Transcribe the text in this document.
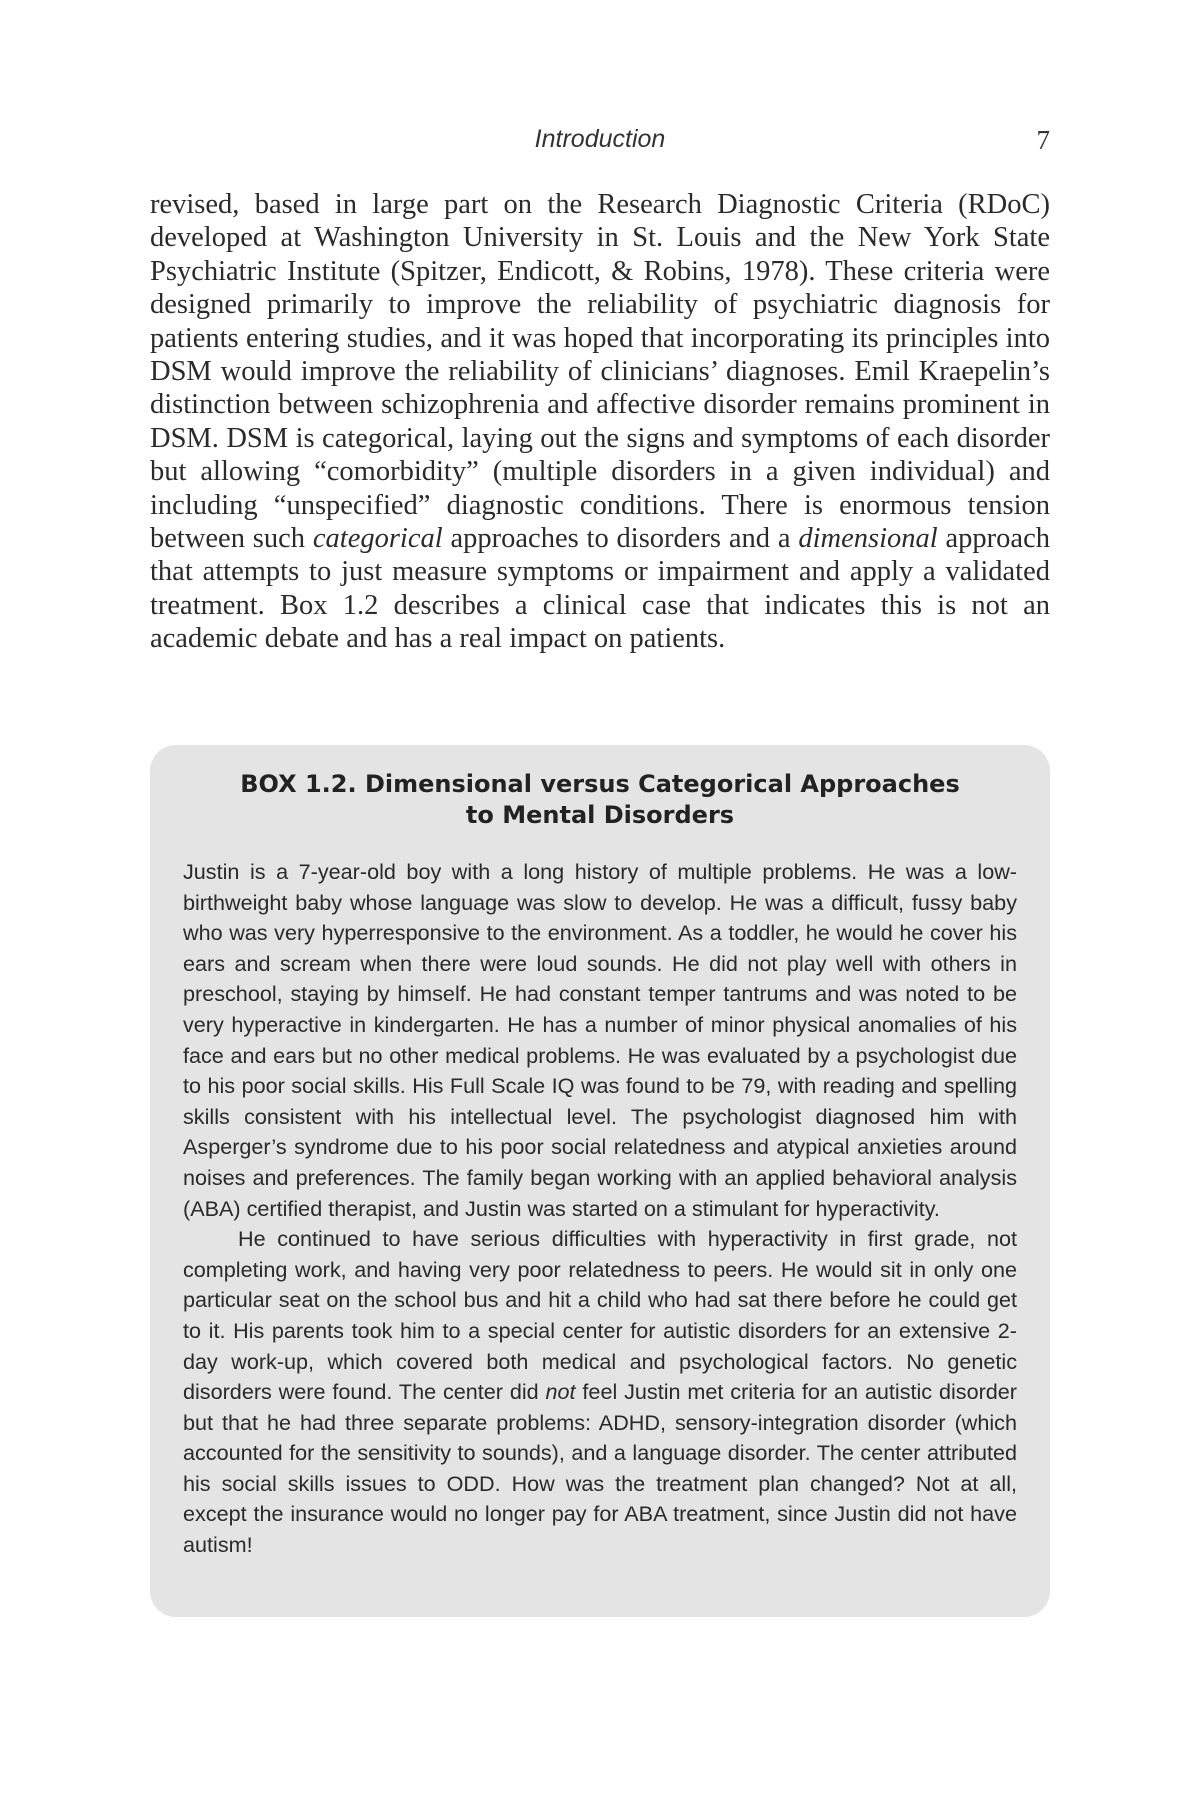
Introduction	7

revised, based in large part on the Research Diagnostic Criteria (RDoC) developed at Washington University in St. Louis and the New York State Psychiatric Institute (Spitzer, Endicott, & Robins, 1978). These criteria were designed primarily to improve the reliability of psychiatric diagnosis for patients entering studies, and it was hoped that incorporating its principles into DSM would improve the reliability of clinicians’ diagnoses. Emil Kraepelin’s distinction between schizophrenia and affective disorder remains prominent in DSM. DSM is categorical, laying out the signs and symptoms of each disorder but allowing “comorbidity” (multiple disorders in a given individual) and including “unspecified” diagnostic conditions. There is enormous tension between such categorical approaches to disorders and a dimensional approach that attempts to just measure symptoms or impairment and apply a validated treatment. Box 1.2 describes a clinical case that indicates this is not an academic debate and has a real impact on patients.

BOX 1.2. Dimensional versus Categorical Approaches
to Mental Disorders

Justin is a 7-year-old boy with a long history of multiple problems. He was a low-birthweight baby whose language was slow to develop. He was a difficult, fussy baby who was very hyperresponsive to the environment. As a toddler, he would he cover his ears and scream when there were loud sounds. He did not play well with others in preschool, staying by himself. He had constant temper tantrums and was noted to be very hyperactive in kindergarten. He has a number of minor physical anomalies of his face and ears but no other medical problems. He was evaluated by a psychologist due to his poor social skills. His Full Scale IQ was found to be 79, with reading and spelling skills consistent with his intellectual level. The psychologist diagnosed him with Asperger’s syndrome due to his poor social relatedness and atypical anxieties around noises and preferences. The family began working with an applied behavioral analysis (ABA) certified therapist, and Justin was started on a stimulant for hyperactivity.

He continued to have serious difficulties with hyperactivity in first grade, not completing work, and having very poor relatedness to peers. He would sit in only one particular seat on the school bus and hit a child who had sat there before he could get to it. His parents took him to a special center for autistic disorders for an extensive 2-day work-up, which covered both medical and psychological factors. No genetic disorders were found. The center did not feel Justin met criteria for an autistic disorder but that he had three separate problems: ADHD, sensory-integration disorder (which accounted for the sensitivity to sounds), and a language disorder. The center attributed his social skills issues to ODD. How was the treatment plan changed? Not at all, except the insurance would no longer pay for ABA treatment, since Justin did not have autism!
